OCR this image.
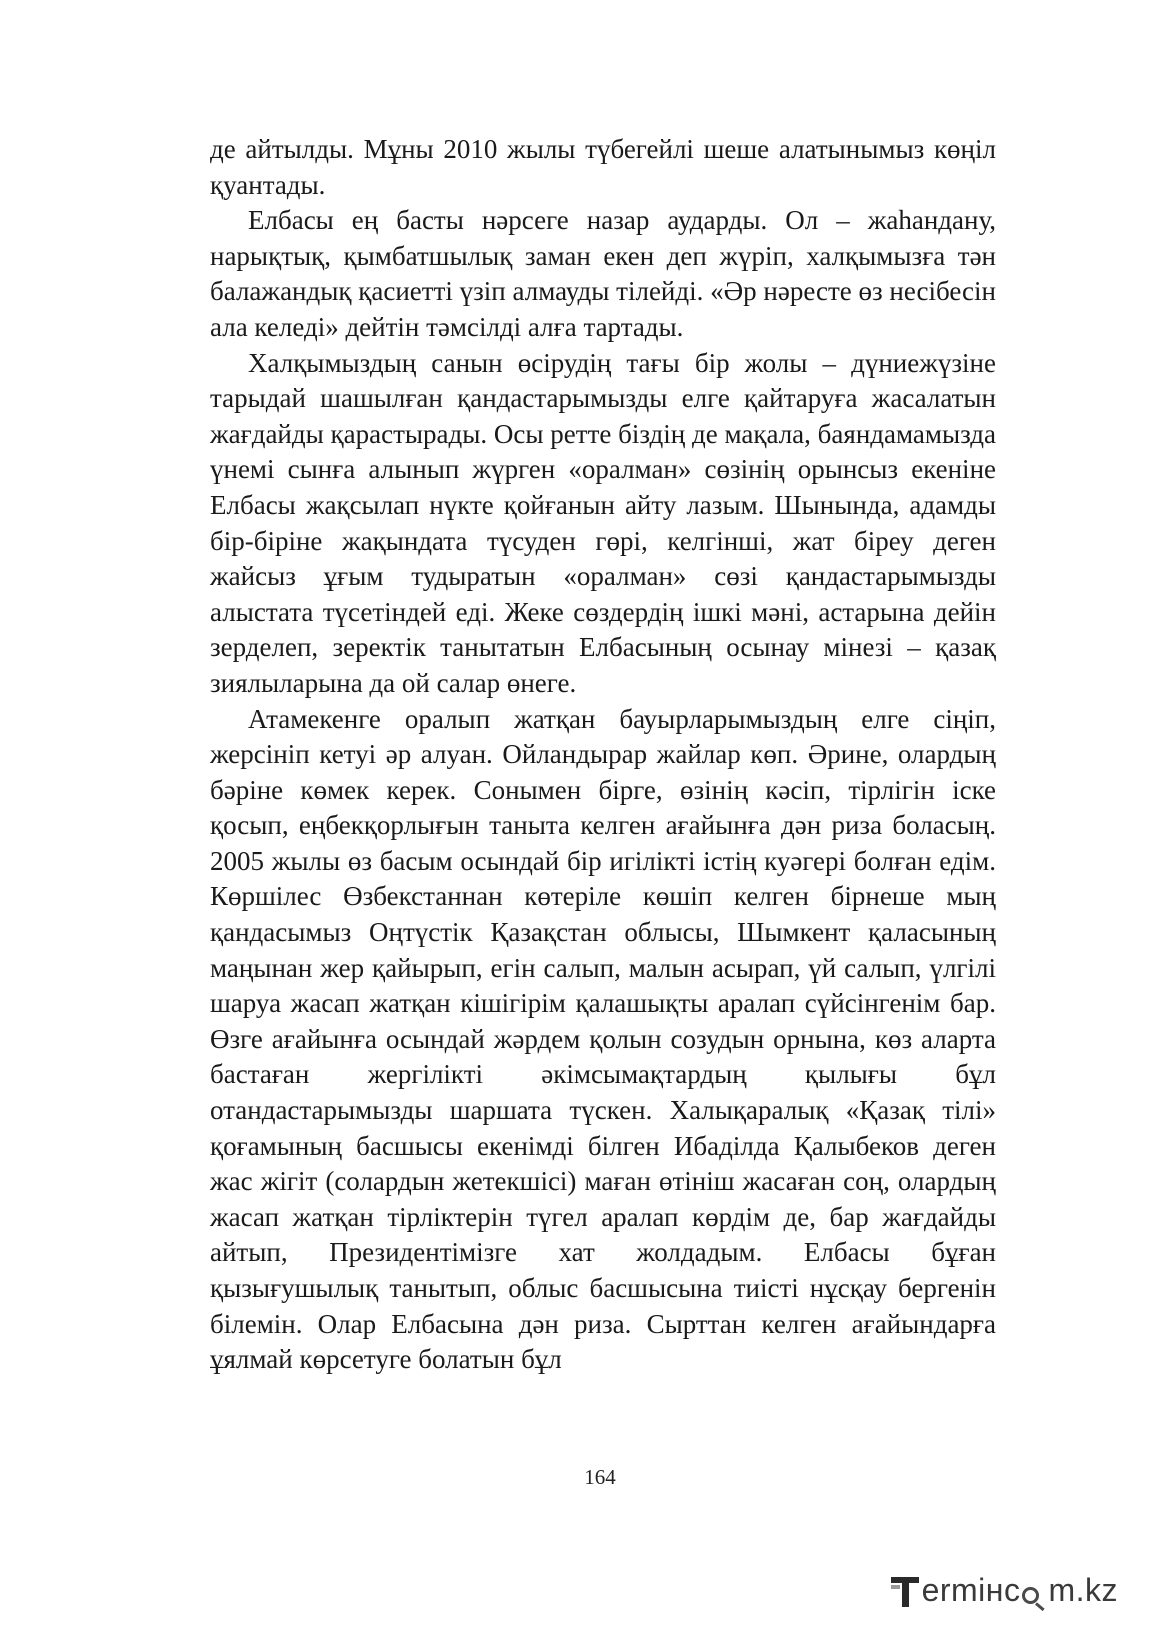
де айтылды. Мұны 2010 жылы түбегейлі шеше алатынымыз көңіл қуантады.

Елбасы ең басты нәрсеге назар аударды. Ол – жаһандану, нарықтық, қымбатшылық заман екен деп жүріп, халқымызға тән балажандық қасиетті үзіп алмауды тілейді. «Әр нәресте өз несібесін ала келеді» дейтін тәмсілді алға тартады.

Халқымыздың санын өсірудің тағы бір жолы – дүниежүзіне тарыдай шашылған қандастарымызды елге қайтаруға жасалатын жағдайды қарастырады. Осы ретте біздің де мақала, баяндамамызда үнемі сынға алынып жүрген «оралман» сөзінің орынсыз екеніне Елбасы жақсылап нүкте қойғанын айту лазым. Шынында, адамды бір-біріне жақындата түсуден гөрі, келгінші, жат біреу деген жайсыз ұғым тудыратын «оралман» сөзі қандастарымызды алыстата түсетіндей еді. Жеке сөздердің ішкі мәні, астарына дейін зерделеп, зеректік танытатын Елбасының осынау мінезі – қазақ зиялыларына да ой салар өнеге.

Атамекенге оралып жатқан бауырларымыздың елге сіңіп, жерсініп кетуі әр алуан. Ойландырар жайлар көп. Әрине, олардың бәріне көмек керек. Сонымен бірге, өзінің кәсіп, тірлігін іске қосып, еңбекқорлығын таныта келген ағайынға дән риза боласың. 2005 жылы өз басым осындай бір игілікті істің куәгері болған едім. Көршілес Өзбекстаннан көтеріле көшіп келген бірнеше мың қандасымыз Оңтүстік Қазақстан облысы, Шымкент қаласының маңынан жер қайырып, егін салып, малын асырап, үй салып, үлгілі шаруа жасап жатқан кішігірім қалашықты аралап сүйсінгенім бар. Өзге ағайынға осындай жәрдем қолын созудын орнына, көз аларта бастаған жергілікті әкімсымақтардың қылығы бұл отандастарымызды шаршата түскен. Халықаралық «Қазақ тілі» қоғамының басшысы екенімді білген Ибаділда Қалыбеков деген жас жігіт (солардын жетекшісі) маған өтініш жасаған соң, олардың жасап жатқан тірліктерін түгел аралап көрдім де, бар жағдайды айтып, Президентімізге хат жолдадым. Елбасы бұған қызығушылық танытып, облыс басшысына тиісті нұсқау бергенін білемін. Олар Елбасына дән риза. Сырттан келген ағайындарға ұялмай көрсетуге болатын бұл

164
ermінc m.kz
